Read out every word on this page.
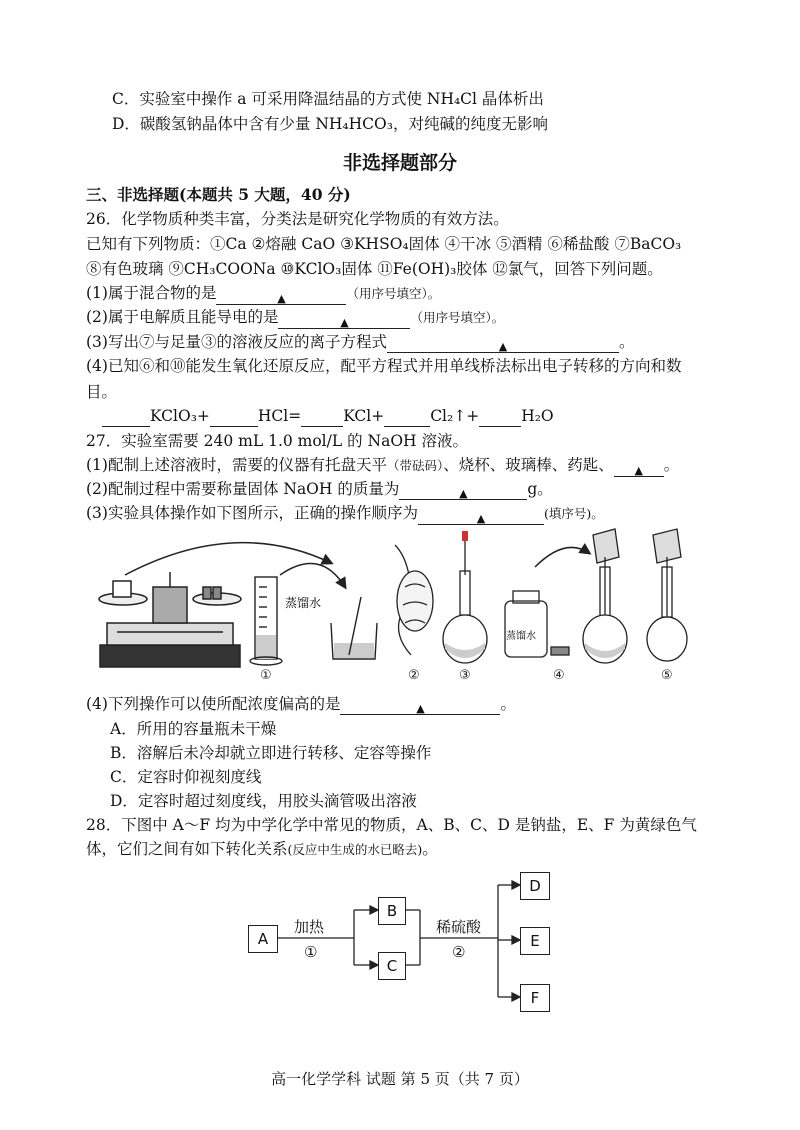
C．实验室中操作 a 可采用降温结晶的方式使 NH₄Cl 晶体析出
D．碳酸氢钠晶体中含有少量 NH₄HCO₃，对纯碱的纯度无影响
非选择题部分
三、非选择题(本题共 5 大题，40 分)
26．化学物质种类丰富，分类法是研究化学物质的有效方法。
已知有下列物质：①Ca ②熔融 CaO ③KHSO₄固体 ④干冰 ⑤酒精 ⑥稀盐酸 ⑦BaCO₃
⑧有色玻璃 ⑨CH₃COONa ⑩KClO₃固体 ⑪Fe(OH)₃胶体 ⑫氯气，回答下列问题。
(1)属于混合物的是	▲	（用序号填空）。
(2)属于电解质且能导电的是	▲	（用序号填空）。
(3)写出⑦与足量③的溶液反应的离子方程式	▲	。
(4)已知⑥和⑩能发生氧化还原反应，配平方程式并用单线桥法标出电子转移的方向和数
目。
KClO₃+	HCl=	KCl+	Cl₂↑+	H₂O
27．实验室需要 240 mL 1.0 mol/L 的 NaOH 溶液。
(1)配制上述溶液时，需要的仪器有托盘天平（带砝码）、烧杯、玻璃棒、药匙、 ▲ 。
(2)配制过程中需要称量固体 NaOH 的质量为	▲	g。
(3)实验具体操作如下图所示，正确的操作顺序为	▲	(填序号)。
蒸馏水
蒸馏水
①	②	③	④	⑤
(4)下列操作可以使所配浓度偏高的是	▲	。
A．所用的容量瓶未干燥
B．溶解后未冷却就立即进行转移、定容等操作
C．定容时仰视刻度线
D．定容时超过刻度线，用胶头滴管吸出溶液
28．下图中 A～F 均为中学化学中常见的物质，A、B、C、D 是钠盐，E、F 为黄绿色气
体，它们之间有如下转化关系(反应中生成的水已略去)。
A
B
C
D
E
F
加热
①
稀硫酸
②
高一化学学科 试题 第 5 页（共 7 页）
